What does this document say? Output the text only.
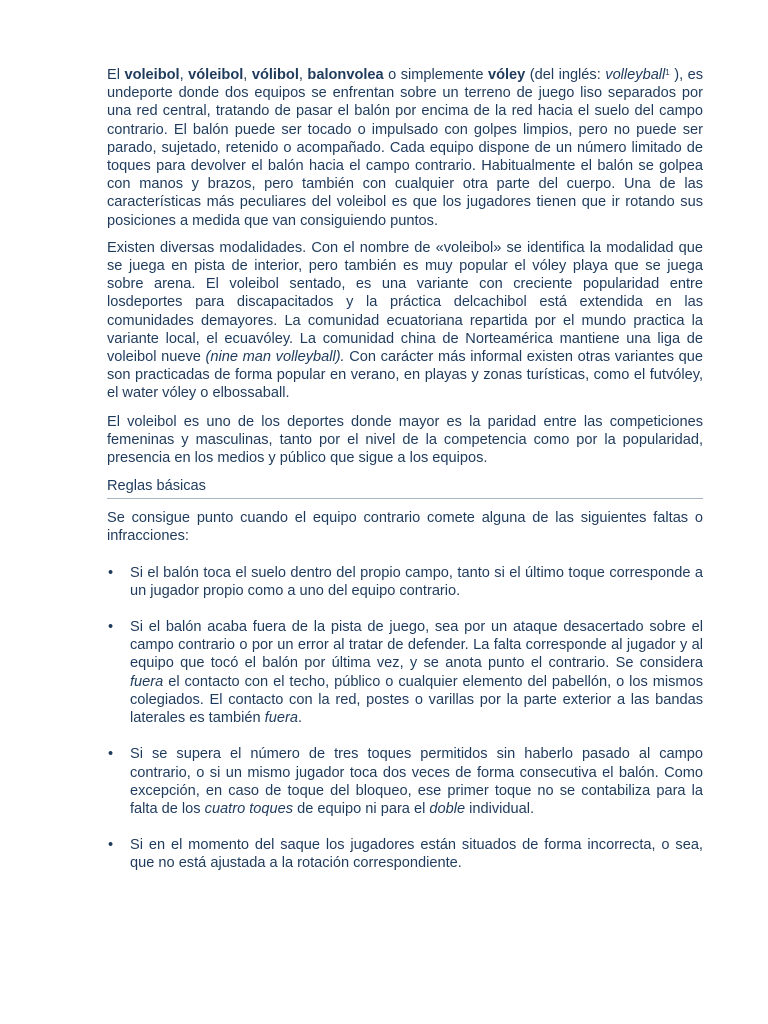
El voleibol, vóleibol, vólibol, balonvolea o simplemente vóley (del inglés: volleyball$^1$ ), es undeporte donde dos equipos se enfrentan sobre un terreno de juego liso separados por una red central, tratando de pasar el balón por encima de la red hacia el suelo del campo contrario. El balón puede ser tocado o impulsado con golpes limpios, pero no puede ser parado, sujetado, retenido o acompañado. Cada equipo dispone de un número limitado de toques para devolver el balón hacia el campo contrario. Habitualmente el balón se golpea con manos y brazos, pero también con cualquier otra parte del cuerpo. Una de las características más peculiares del voleibol es que los jugadores tienen que ir rotando sus posiciones a medida que van consiguiendo puntos.

Existen diversas modalidades. Con el nombre de «voleibol» se identifica la modalidad que se juega en pista de interior, pero también es muy popular el vóley playa que se juega sobre arena. El voleibol sentado, es una variante con creciente popularidad entre losdeportes para discapacitados y la práctica delcachibol está extendida en las comunidades demayores. La comunidad ecuatoriana repartida por el mundo practica la variante local, el ecuavóley. La comunidad china de Norteamérica mantiene una liga de voleibol nueve (nine man volleyball). Con carácter más informal existen otras variantes que son practicadas de forma popular en verano, en playas y zonas turísticas, como el futvóley, el water vóley o elbossaball.

El voleibol es uno de los deportes donde mayor es la paridad entre las competiciones femeninas y masculinas, tanto por el nivel de la competencia como por la popularidad, presencia en los medios y público que sigue a los equipos.

Reglas básicas

Se consigue punto cuando el equipo contrario comete alguna de las siguientes faltas o infracciones:

• Si el balón toca el suelo dentro del propio campo, tanto si el último toque corresponde a un jugador propio como a uno del equipo contrario.
• Si el balón acaba fuera de la pista de juego, sea por un ataque desacertado sobre el campo contrario o por un error al tratar de defender. La falta corresponde al jugador y al equipo que tocó el balón por última vez, y se anota punto el contrario. Se considera fuera el contacto con el techo, público o cualquier elemento del pabellón, o los mismos colegiados. El contacto con la red, postes o varillas por la parte exterior a las bandas laterales es también fuera.
• Si se supera el número de tres toques permitidos sin haberlo pasado al campo contrario, o si un mismo jugador toca dos veces de forma consecutiva el balón. Como excepción, en caso de toque del bloqueo, ese primer toque no se contabiliza para la falta de los cuatro toques de equipo ni para el doble individual.
• Si en el momento del saque los jugadores están situados de forma incorrecta, o sea, que no está ajustada a la rotación correspondiente.
